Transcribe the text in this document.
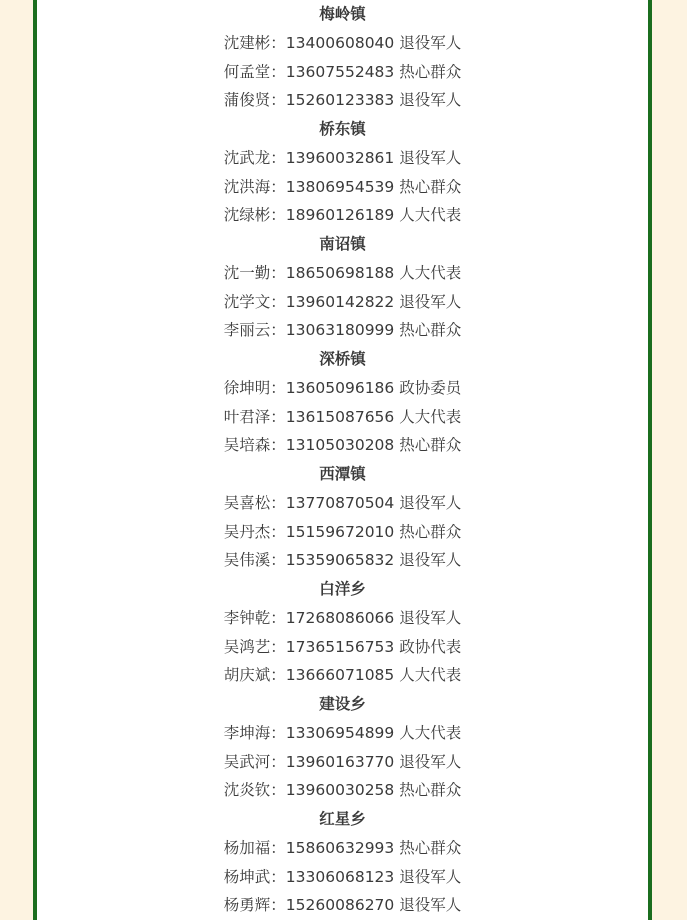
梅岭镇
沈建彬：13400608040 退役军人
何孟堂：13607552483 热心群众
蒲俊贤：15260123383 退役军人
桥东镇
沈武龙：13960032861 退役军人
沈洪海：13806954539 热心群众
沈绿彬：18960126189 人大代表
南诏镇
沈一勤：18650698188 人大代表
沈学文：13960142822 退役军人
李丽云：13063180999 热心群众
深桥镇
徐坤明：13605096186 政协委员
叶君泽：13615087656 人大代表
吴培森：13105030208 热心群众
西潭镇
吴喜松：13770870504 退役军人
吴丹杰：15159672010 热心群众
吴伟溪：15359065832 退役军人
白洋乡
李钟乾：17268086066 退役军人
吴鸿艺：17365156753 政协代表
胡庆斌：13666071085 人大代表
建设乡
李坤海：13306954899 人大代表
吴武河：13960163770 退役军人
沈炎钦：13960030258 热心群众
红星乡
杨加福：15860632993 热心群众
杨坤武：13306068123 退役军人
杨勇辉：15260086270 退役军人
